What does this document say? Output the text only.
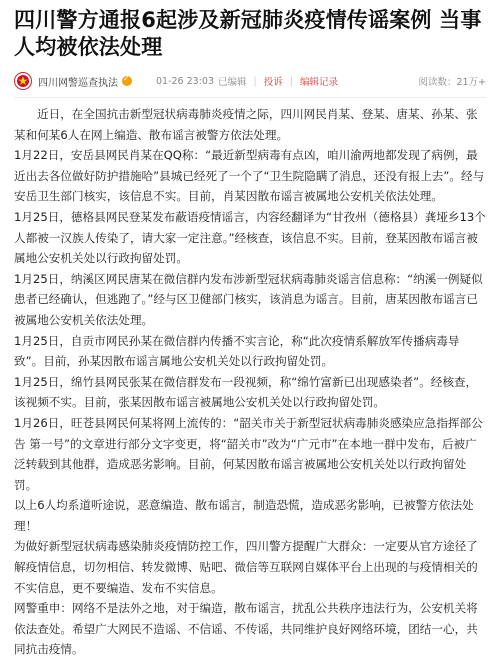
四川警方通报6起涉及新冠肺炎疫情传谣案例 当事人均被依法处理
四川网警巡查执法
✓	01-26 23:03 已编辑 | 投诉 | 编辑记录	阅读数：21万+

近日，在全国抗击新型冠状病毒肺炎疫情之际，四川网民肖某、登某、唐某、孙某、张某和何某6人在网上编造、散布谣言被警方依法处理。

1月22日，安岳县网民肖某在QQ称：“最近新型病毒有点凶，咱川渝两地都发现了病例，最近出去各位做好防护措施哈”县城已经死了一个了“卫生院隐瞒了消息，还没有报上去”。经与安岳卫生部门核实，该信息不实。目前，肖某因散布谣言被属地公安机关依法处理。

1月25日，德格县网民登某发布蔽语疫情谣言，内容经翻译为“甘孜州（德格县）龚垭乡13个人都被一汉族人传染了，请大家一定注意。”经核查，该信息不实。目前，登某因散布谣言被属地公安机关处以行政拘留处罚。

1月25日，纳溪区网民唐某在微信群内发布涉新型冠状病毒肺炎谣言信息称：“纳溪一例疑似患者已经确认，但逃跑了。”经与区卫健部门核实，该消息为谣言。目前，唐某因散布谣言已被属地公安机关依法处理。

1月25日，自贡市网民孙某在微信群内传播不实言论，称“此次疫情系解放军传播病毒导致”。目前，孙某因散布谣言属地公安机关处以行政拘留处罚。

1月25日，绵竹县网民张某在微信群发布一段视频，称“绵竹富新已出现感染者”。经核查，该视频不实。目前，张某因散布谣言被属地公安机关处以行政拘留处罚。

1月26日，旺苍县网民何某将网上流传的：“韶关市关于新型冠状病毒肺炎感染应急指挥部公告 第一号”的文章进行部分文字变更，将“韶关市”改为“广元市”在本地一群中发布，后被广泛转载到其他群，造成恶劣影响。目前，何某因散布谣言被属地公安机关处以行政拘留处罚。

以上6人均系道听途说，恶意编造、散布谣言，制造恐慌，造成恶劣影响，已被警方依法处理！

为做好新型冠状病毒感染肺炎疫情防控工作，四川警方提醒广大群众：一定要从官方途径了解疫情信息，切勿相信、转发微博、贴吧、微信等互联网自媒体平台上出现的与疫情相关的不实信息，更不要编造、发布不实信息。

网警重申：网络不是法外之地，对于编造，散布谣言，扰乱公共秩序违法行为，公安机关将依法查处。希望广大网民不造谣、不信谣、不传谣，共同维护良好网络环境，团结一心，共同抗击疫情。
